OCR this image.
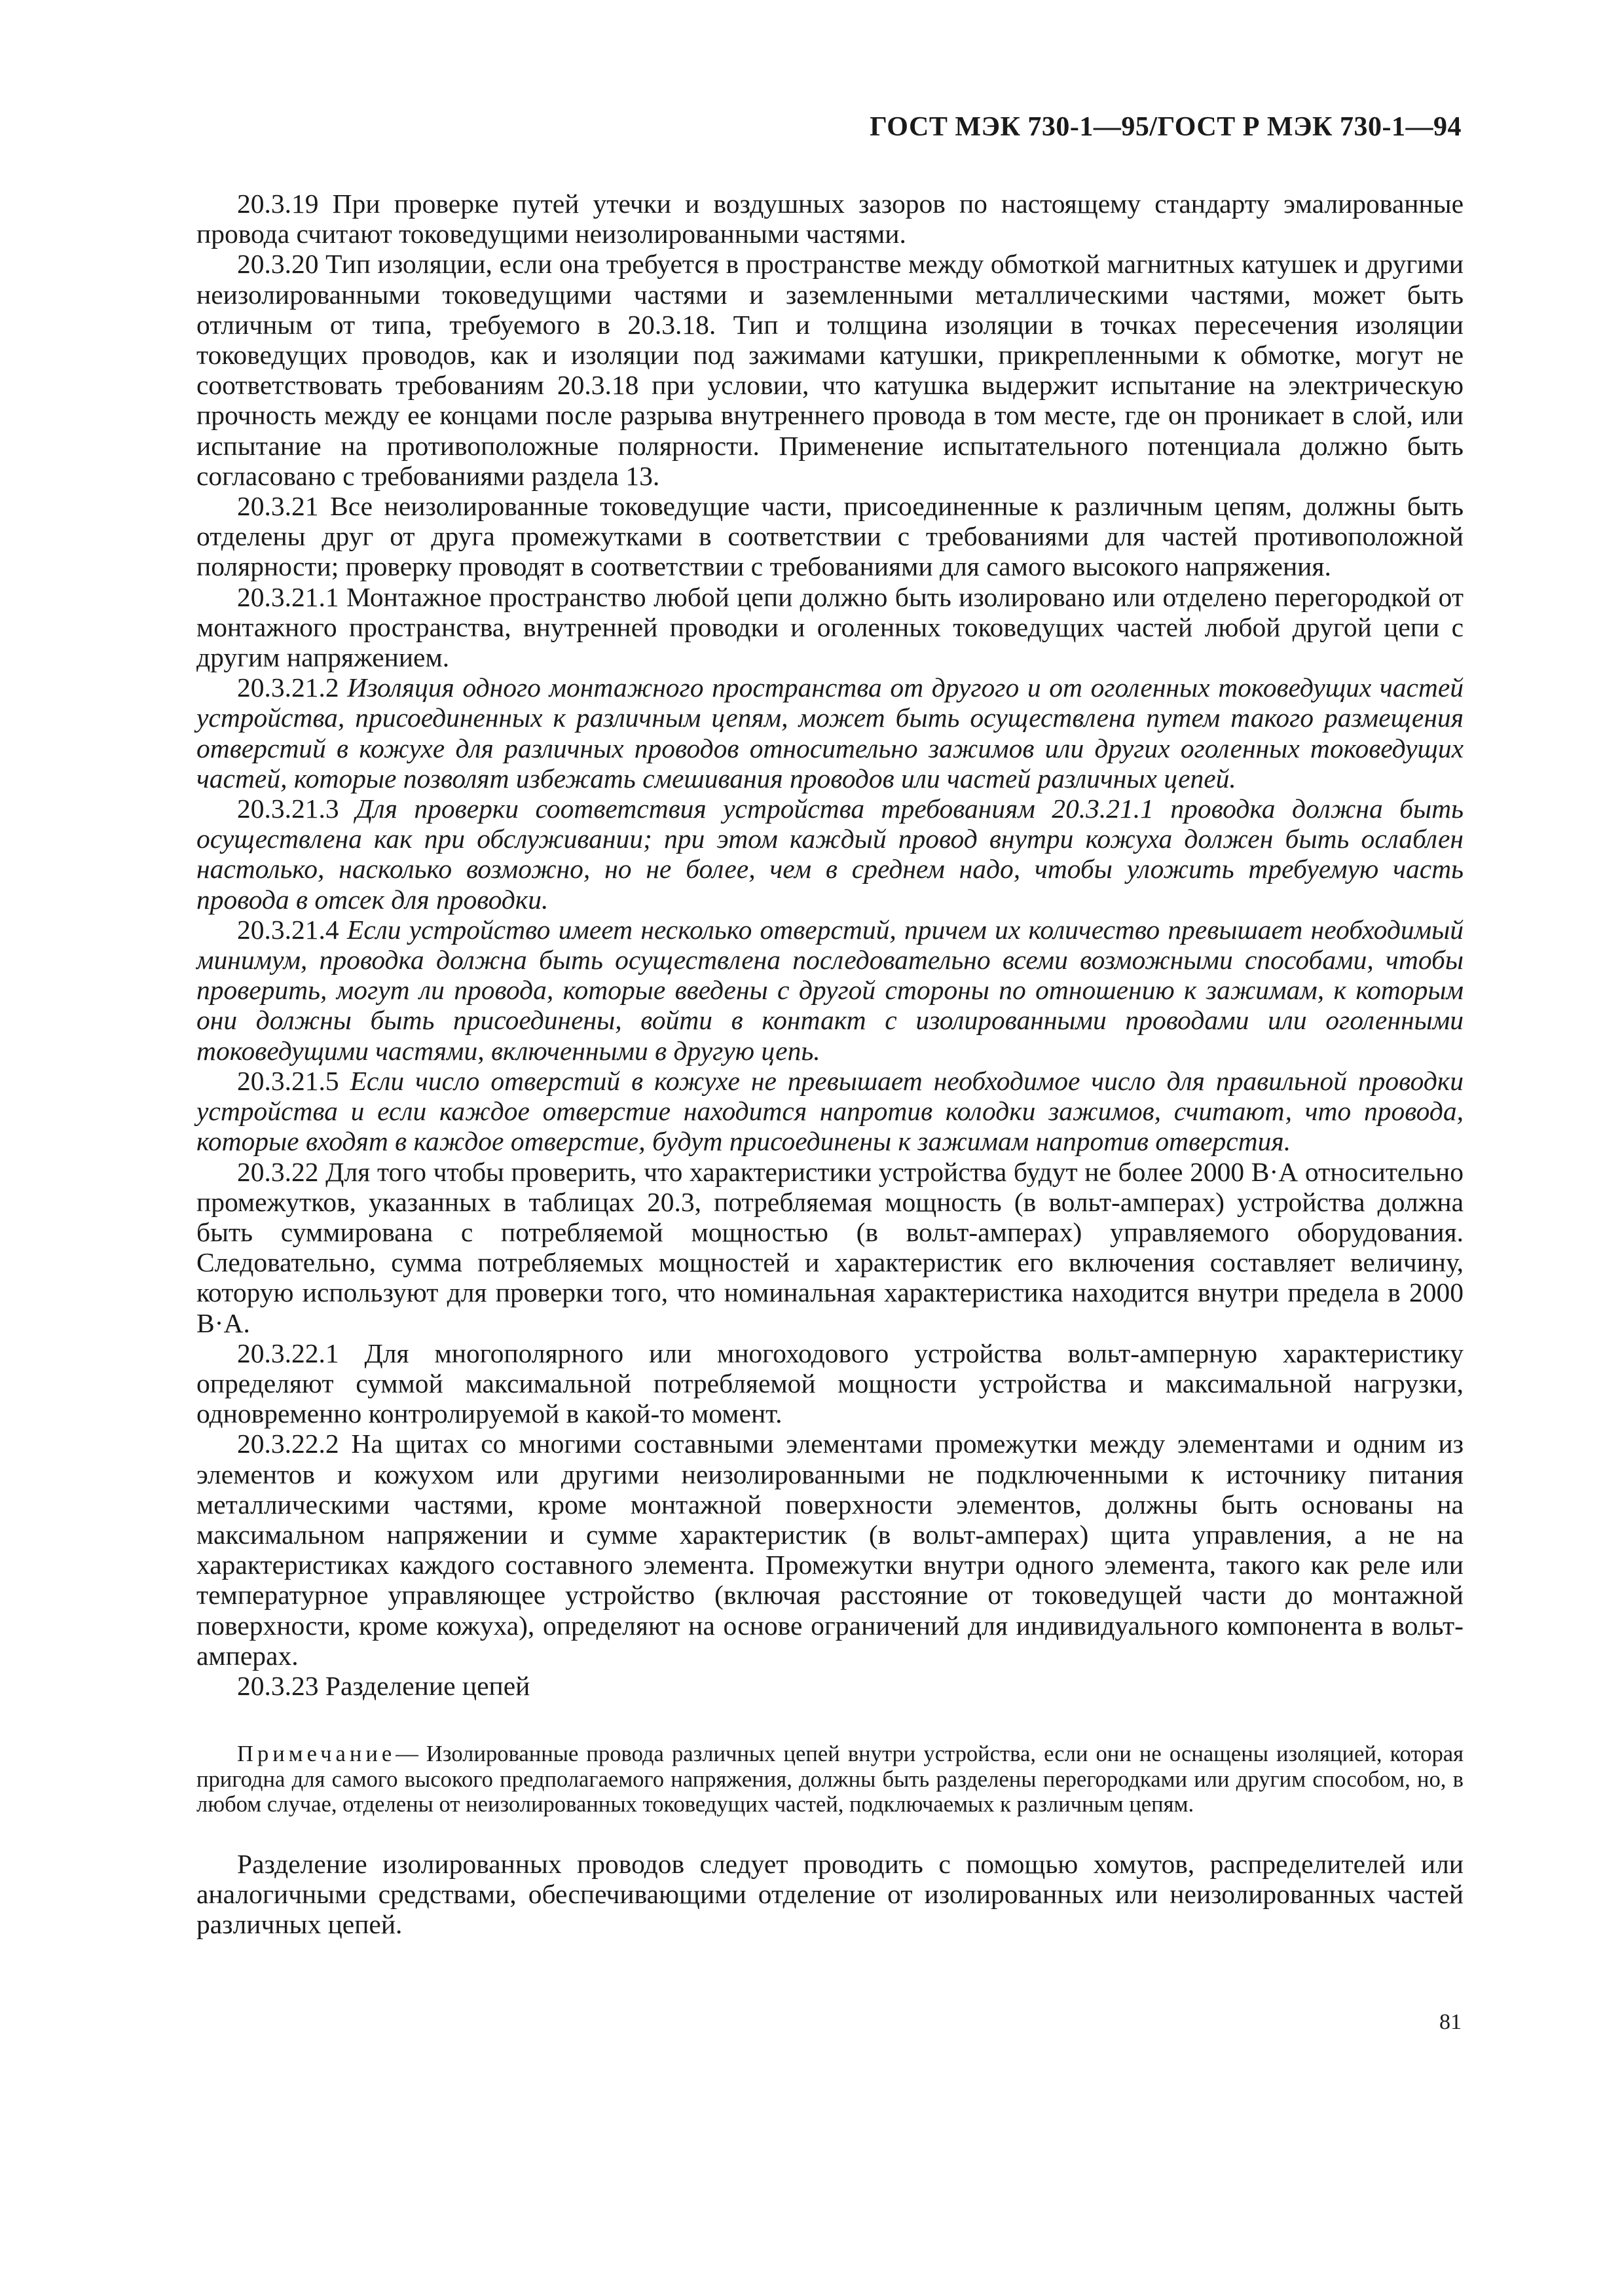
ГОСТ МЭК 730-1—95/ГОСТ Р МЭК 730-1—94

20.3.19 При проверке путей утечки и воздушных зазоров по настоящему стандарту эмалированные провода считают токоведущими неизолированными частями.

20.3.20 Тип изоляции, если она требуется в пространстве между обмоткой магнитных катушек и другими неизолированными токоведущими частями и заземленными металлическими частями, может быть отличным от типа, требуемого в 20.3.18. Тип и толщина изоляции в точках пересечения изоляции токоведущих проводов, как и изоляции под зажимами катушки, прикрепленными к обмотке, могут не соответствовать требованиям 20.3.18 при условии, что катушка выдержит испытание на электрическую прочность между ее концами после разрыва внутреннего провода в том месте, где он проникает в слой, или испытание на противоположные полярности. Применение испытательного потенциала должно быть согласовано с требованиями раздела 13.

20.3.21 Все неизолированные токоведущие части, присоединенные к различным цепям, должны быть отделены друг от друга промежутками в соответствии с требованиями для частей противоположной полярности; проверку проводят в соответствии с требованиями для самого высокого напряжения.

20.3.21.1 Монтажное пространство любой цепи должно быть изолировано или отделено перегородкой от монтажного пространства, внутренней проводки и оголенных токоведущих частей любой другой цепи с другим напряжением.

20.3.21.2 Изоляция одного монтажного пространства от другого и от оголенных токоведущих частей устройства, присоединенных к различным цепям, может быть осуществлена путем такого размещения отверстий в кожухе для различных проводов относительно зажимов или других оголенных токоведущих частей, которые позволят избежать смешивания проводов или частей различных цепей.

20.3.21.3 Для проверки соответствия устройства требованиям 20.3.21.1 проводка должна быть осуществлена как при обслуживании; при этом каждый провод внутри кожуха должен быть ослаблен настолько, насколько возможно, но не более, чем в среднем надо, чтобы уложить требуемую часть провода в отсек для проводки.

20.3.21.4 Если устройство имеет несколько отверстий, причем их количество превышает необходимый минимум, проводка должна быть осуществлена последовательно всеми возможными способами, чтобы проверить, могут ли провода, которые введены с другой стороны по отношению к зажимам, к которым они должны быть присоединены, войти в контакт с изолированными проводами или оголенными токоведущими частями, включенными в другую цепь.

20.3.21.5 Если число отверстий в кожухе не превышает необходимое число для правильной проводки устройства и если каждое отверстие находится напротив колодки зажимов, считают, что провода, которые входят в каждое отверстие, будут присоединены к зажимам напротив отверстия.

20.3.22 Для того чтобы проверить, что характеристики устройства будут не более 2000 В·А относительно промежутков, указанных в таблицах 20.3, потребляемая мощность (в вольт-амперах) устройства должна быть суммирована с потребляемой мощностью (в вольт-амперах) управляемого оборудования. Следовательно, сумма потребляемых мощностей и характеристик его включения составляет величину, которую используют для проверки того, что номинальная характеристика находится внутри предела в 2000 В·А.

20.3.22.1 Для многополярного или многоходового устройства вольт-амперную характеристику определяют суммой максимальной потребляемой мощности устройства и максимальной нагрузки, одновременно контролируемой в какой-то момент.

20.3.22.2 На щитах со многими составными элементами промежутки между элементами и одним из элементов и кожухом или другими неизолированными не подключенными к источнику питания металлическими частями, кроме монтажной поверхности элементов, должны быть основаны на максимальном напряжении и сумме характеристик (в вольт-амперах) щита управления, а не на характеристиках каждого составного элемента. Промежутки внутри одного элемента, такого как реле или температурное управляющее устройство (включая расстояние от токоведущей части до монтажной поверхности, кроме кожуха), определяют на основе ограничений для индивидуального компонента в вольт-амперах.

20.3.23 Разделение цепей

Примечание— Изолированные провода различных цепей внутри устройства, если они не оснащены изоляцией, которая пригодна для самого высокого предполагаемого напряжения, должны быть разделены перегородками или другим способом, но, в любом случае, отделены от неизолированных токоведущих частей, подключаемых к различным цепям.

Разделение изолированных проводов следует проводить с помощью хомутов, распределителей или аналогичными средствами, обеспечивающими отделение от изолированных или неизолированных частей различных цепей.

81
